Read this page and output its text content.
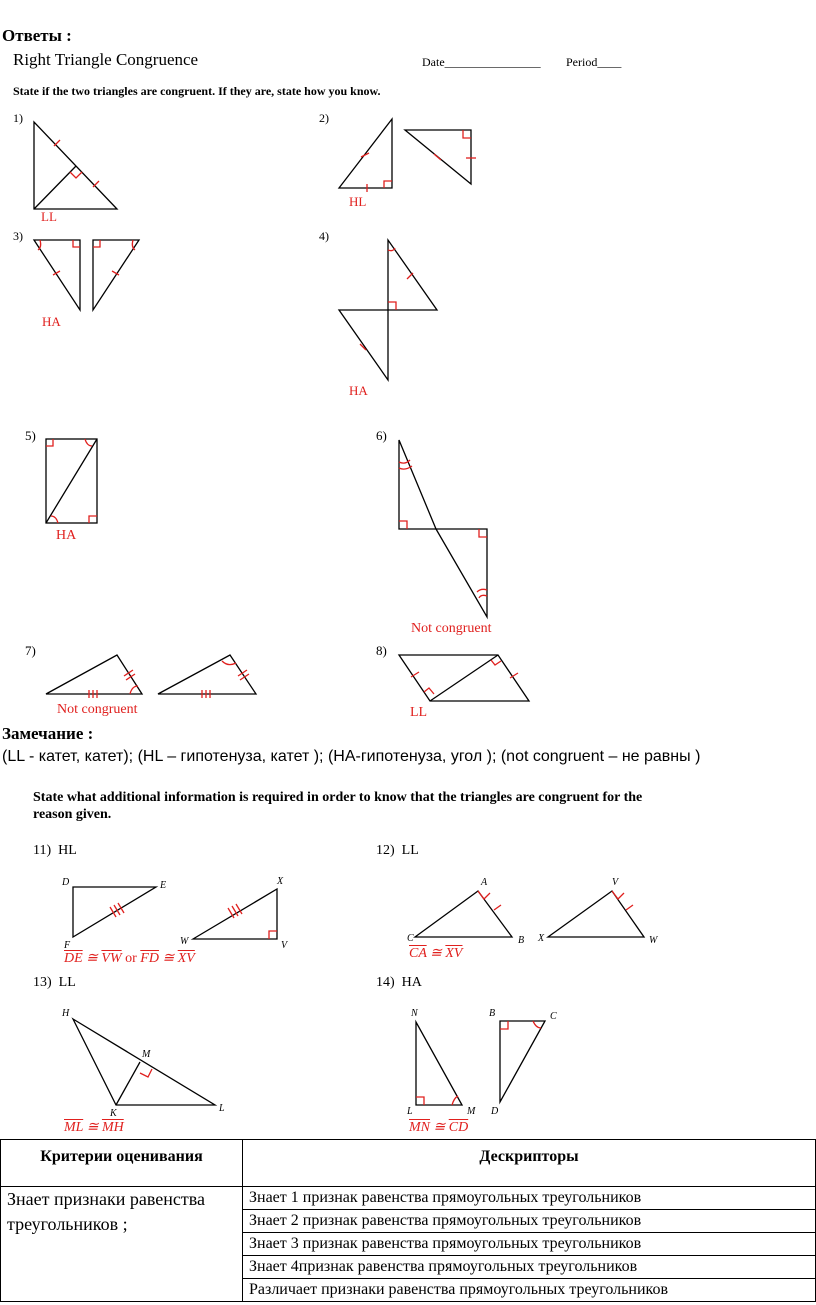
Ответы :
Right Triangle Congruence	Date________________ Period____
State if the two triangles are congruent. If they are, state how you know.
1)	2)
3)	4)
5)	6)
7)	8)
LL
HL
HA
HA
HA
Not congruent
Not congruent	LL
Замечание :
(LL - катет, катет); (HL – гипотенуза, катет ); (HA-гипотенуза, угол ); (not congruent – не равны )
State what additional information is required in order to know that the triangles are congruent for the
reason given.
11) HL	12) LL
13) LL	14) HA
D	E
F
X
W	V
A
C	B
V
X	W
H
M
K	L
N
L	M
B	C
D
$\overline{DE}$ ≅ $\overline{VW}$ or $\overline{FD}$ ≅ $\overline{XV}$	$\overline{CA}$ ≅ $\overline{XV}$
$\overline{ML}$ ≅ $\overline{MH}$	$\overline{MN}$ ≅ $\overline{CD}$
Критерии оценивания	Дескрипторы
Знает признаки равенства треугольников ;	Знает 1 признак равенства прямоугольных треугольников
	Знает 2 признак равенства прямоугольных треугольников
	Знает 3 признак равенства прямоугольных треугольников
	Знает 4признак равенства прямоугольных треугольников
	Различает признаки равенства прямоугольных треугольников
